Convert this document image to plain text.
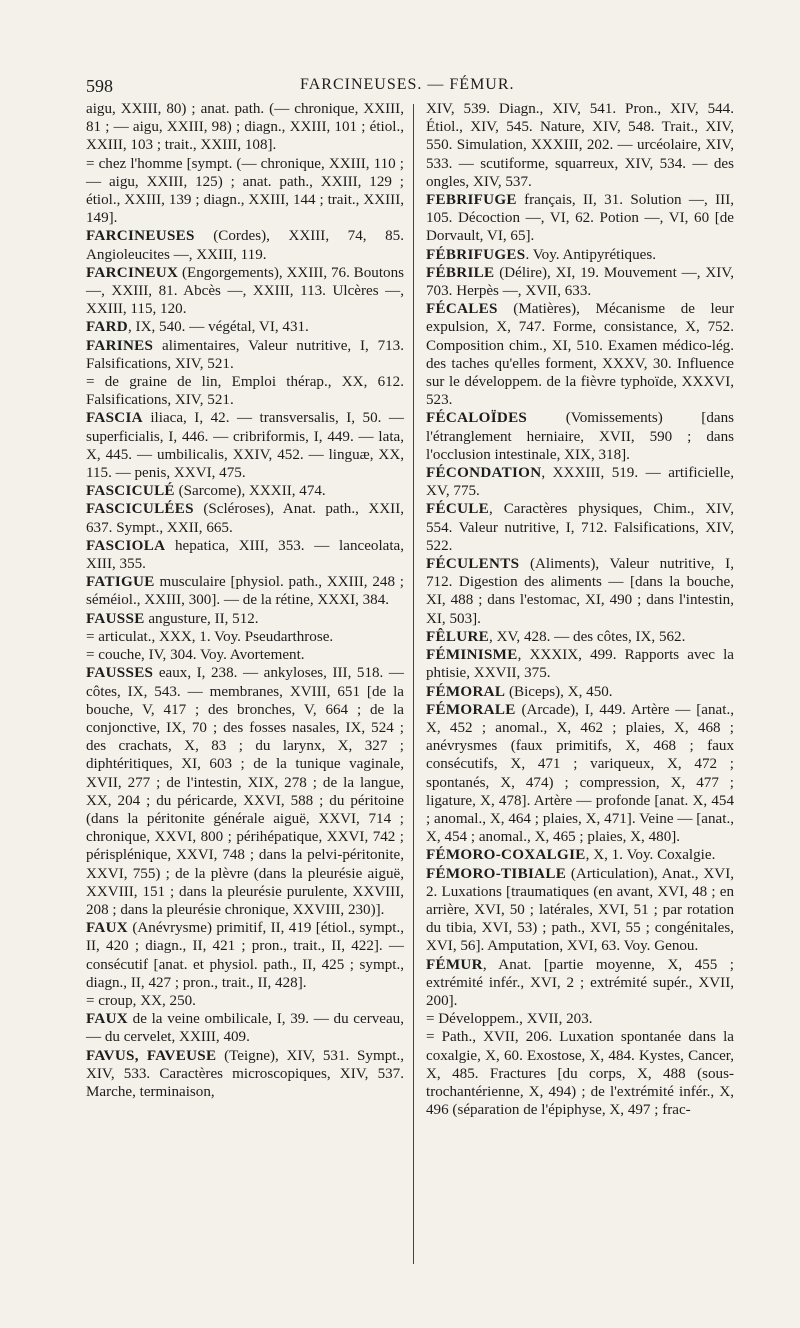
598	FARCINEUSES. — FÉMUR.

aigu, XXIII, 80) ; anat. path. (— chronique, XXIII, 81 ; — aigu, XXIII, 98) ; diagn., XXIII, 101 ; étiol., XXIII, 103 ; trait., XXIII, 108].

= chez l'homme [sympt. (— chronique, XXIII, 110 ; — aigu, XXIII, 125) ; anat. path., XXIII, 129 ; étiol., XXIII, 139 ; diagn., XXIII, 144 ; trait., XXIII, 149].

FARCINEUSES (Cordes), XXIII, 74, 85. Angioleucites —, XXIII, 119.

FARCINEUX (Engorgements), XXIII, 76. Boutons —, XXIII, 81. Abcès —, XXIII, 113. Ulcères —, XXIII, 115, 120.

FARD, IX, 540. — végétal, VI, 431.

FARINES alimentaires, Valeur nutritive, I, 713. Falsifications, XIV, 521.

= de graine de lin, Emploi thérap., XX, 612. Falsifications, XIV, 521.

FASCIA iliaca, I, 42. — transversalis, I, 50. — superficialis, I, 446. — cribriformis, I, 449. — lata, X, 445. — umbilicalis, XXIV, 452. — linguæ, XX, 115. — penis, XXVI, 475.

FASCICULÉ (Sarcome), XXXII, 474.

FASCICULÉES (Scléroses), Anat. path., XXII, 637. Sympt., XXII, 665.

FASCIOLA hepatica, XIII, 353. — lanceolata, XIII, 355.

FATIGUE musculaire [physiol. path., XXIII, 248 ; séméiol., XXIII, 300]. — de la rétine, XXXI, 384.

FAUSSE angusture, II, 512.

= articulat., XXX, 1. Voy. Pseudarthrose.

= couche, IV, 304. Voy. Avortement.

FAUSSES eaux, I, 238. — ankyloses, III, 518. — côtes, IX, 543. — membranes, XVIII, 651 [de la bouche, V, 417 ; des bronches, V, 664 ; de la conjonctive, IX, 70 ; des fosses nasales, IX, 524 ; des crachats, X, 83 ; du larynx, X, 327 ; diphtéritiques, XI, 603 ; de la tunique vaginale, XVII, 277 ; de l'intestin, XIX, 278 ; de la langue, XX, 204 ; du péricarde, XXVI, 588 ; du péritoine (dans la péritonite générale aiguë, XXVI, 714 ; chronique, XXVI, 800 ; périhépatique, XXVI, 742 ; périsplénique, XXVI, 748 ; dans la pelvi-péritonite, XXVI, 755) ; de la plèvre (dans la pleurésie aiguë, XXVIII, 151 ; dans la pleurésie purulente, XXVIII, 208 ; dans la pleurésie chronique, XXVIII, 230)].

FAUX (Anévrysme) primitif, II, 419 [étiol., sympt., II, 420 ; diagn., II, 421 ; pron., trait., II, 422]. — consécutif [anat. et physiol. path., II, 425 ; sympt., diagn., II, 427 ; pron., trait., II, 428].

= croup, XX, 250.

FAUX de la veine ombilicale, I, 39. — du cerveau, — du cervelet, XXIII, 409.

FAVUS, FAVEUSE (Teigne), XIV, 531. Sympt., XIV, 533. Caractères microscopiques, XIV, 537. Marche, terminaison,

XIV, 539. Diagn., XIV, 541. Pron., XIV, 544. Étiol., XIV, 545. Nature, XIV, 548. Trait., XIV, 550. Simulation, XXXIII, 202. — urcéolaire, XIV, 533. — scutiforme, squarreux, XIV, 534. — des ongles, XIV, 537.

FEBRIFUGE français, II, 31. Solution —, III, 105. Décoction —, VI, 62. Potion —, VI, 60 [de Dorvault, VI, 65].

FÉBRIFUGES. Voy. Antipyrétiques.

FÉBRILE (Délire), XI, 19. Mouvement —, XIV, 703. Herpès —, XVII, 633.

FÉCALES (Matières), Mécanisme de leur expulsion, X, 747. Forme, consistance, X, 752. Composition chim., XI, 510. Examen médico-lég. des taches qu'elles forment, XXXV, 30. Influence sur le développem. de la fièvre typhoïde, XXXVI, 523.

FÉCALOÏDES (Vomissements) [dans l'étranglement herniaire, XVII, 590 ; dans l'occlusion intestinale, XIX, 318].

FÉCONDATION, XXXIII, 519. — artificielle, XV, 775.

FÉCULE, Caractères physiques, Chim., XIV, 554. Valeur nutritive, I, 712. Falsifications, XIV, 522.

FÉCULENTS (Aliments), Valeur nutritive, I, 712. Digestion des aliments — [dans la bouche, XI, 488 ; dans l'estomac, XI, 490 ; dans l'intestin, XI, 503].

FÊLURE, XV, 428. — des côtes, IX, 562.

FÉMINISME, XXXIX, 499. Rapports avec la phtisie, XXVII, 375.

FÉMORAL (Biceps), X, 450.

FÉMORALE (Arcade), I, 449. Artère — [anat., X, 452 ; anomal., X, 462 ; plaies, X, 468 ; anévrysmes (faux primitifs, X, 468 ; faux consécutifs, X, 471 ; variqueux, X, 472 ; spontanés, X, 474) ; compression, X, 477 ; ligature, X, 478]. Artère — profonde [anat. X, 454 ; anomal., X, 464 ; plaies, X, 471]. Veine — [anat., X, 454 ; anomal., X, 465 ; plaies, X, 480].

FÉMORO-COXALGIE, X, 1. Voy. Coxalgie.

FÉMORO-TIBIALE (Articulation), Anat., XVI, 2. Luxations [traumatiques (en avant, XVI, 48 ; en arrière, XVI, 50 ; latérales, XVI, 51 ; par rotation du tibia, XVI, 53) ; path., XVI, 55 ; congénitales, XVI, 56]. Amputation, XVI, 63. Voy. Genou.

FÉMUR, Anat. [partie moyenne, X, 455 ; extrémité infér., XVI, 2 ; extrémité supér., XVII, 200].

= Développem., XVII, 203.

= Path., XVII, 206. Luxation spontanée dans la coxalgie, X, 60. Exostose, X, 484. Kystes, Cancer, X, 485. Fractures [du corps, X, 488 (sous-trochantérienne, X, 494) ; de l'extrémité infér., X, 496 (séparation de l'épiphyse, X, 497 ; frac-
